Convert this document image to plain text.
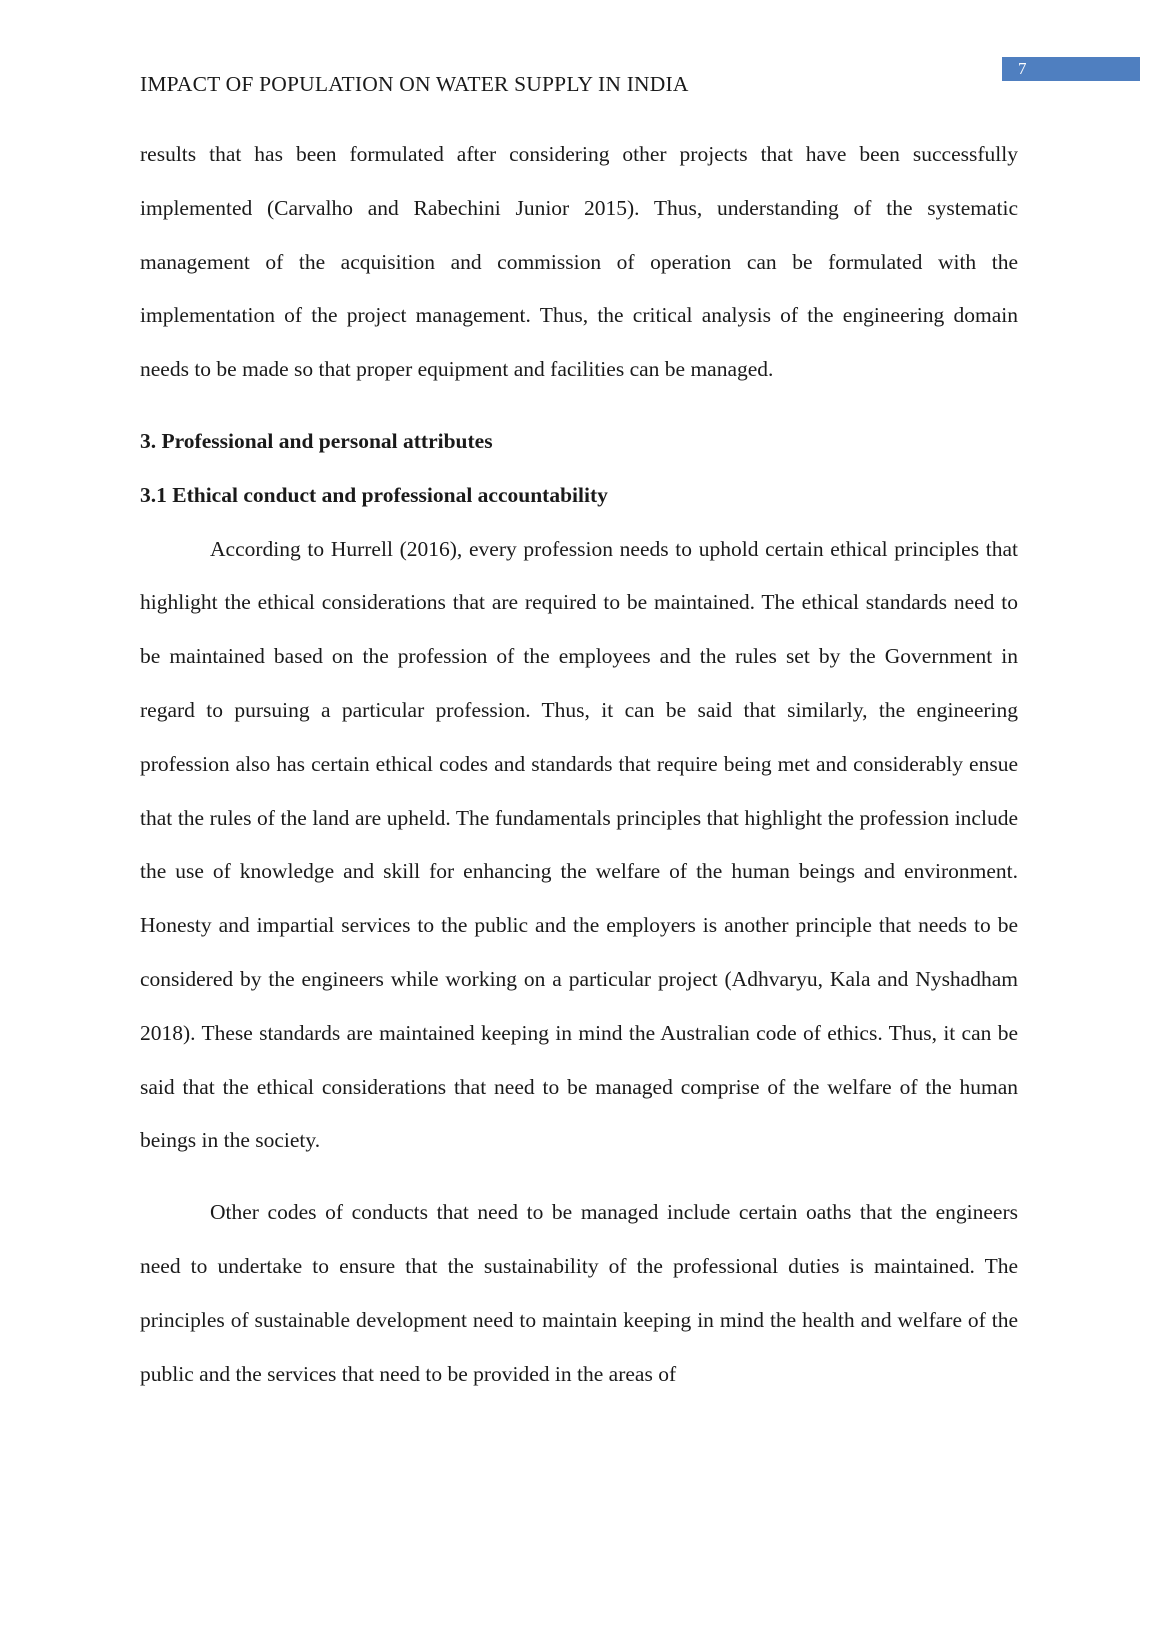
IMPACT OF POPULATION ON WATER SUPPLY IN INDIA
7

results that has been formulated after considering other projects that have been successfully implemented (Carvalho and Rabechini Junior 2015). Thus, understanding of the systematic management of the acquisition and commission of operation can be formulated with the implementation of the project management. Thus, the critical analysis of the engineering domain needs to be made so that proper equipment and facilities can be managed.

3. Professional and personal attributes

3.1 Ethical conduct and professional accountability

According to Hurrell (2016), every profession needs to uphold certain ethical principles that highlight the ethical considerations that are required to be maintained. The ethical standards need to be maintained based on the profession of the employees and the rules set by the Government in regard to pursuing a particular profession. Thus, it can be said that similarly, the engineering profession also has certain ethical codes and standards that require being met and considerably ensue that the rules of the land are upheld. The fundamentals principles that highlight the profession include the use of knowledge and skill for enhancing the welfare of the human beings and environment. Honesty and impartial services to the public and the employers is another principle that needs to be considered by the engineers while working on a particular project (Adhvaryu, Kala and Nyshadham 2018). These standards are maintained keeping in mind the Australian code of ethics. Thus, it can be said that the ethical considerations that need to be managed comprise of the welfare of the human beings in the society.

Other codes of conducts that need to be managed include certain oaths that the engineers need to undertake to ensure that the sustainability of the professional duties is maintained. The principles of sustainable development need to maintain keeping in mind the health and welfare of the public and the services that need to be provided in the areas of
